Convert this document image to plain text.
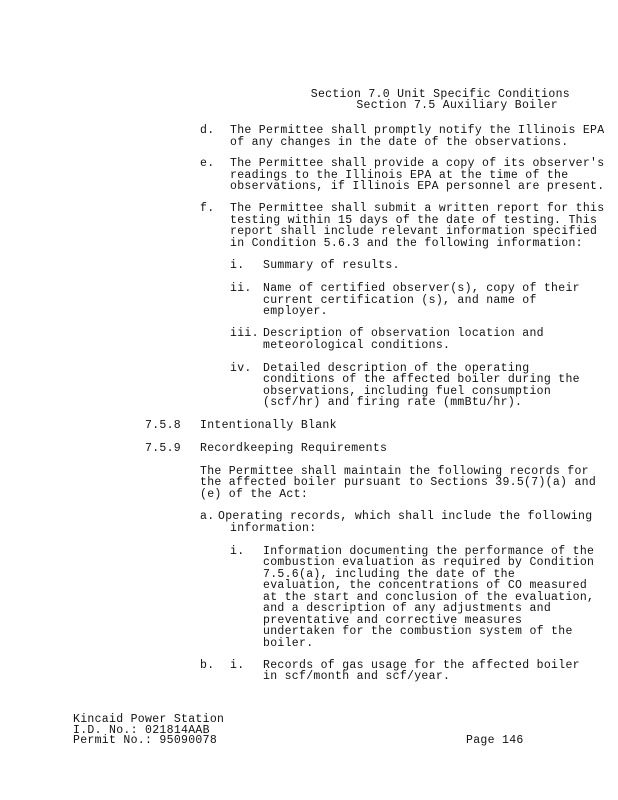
Section 7.0 Unit Specific Conditions
Section 7.5 Auxiliary Boiler
d. The Permittee shall promptly notify the Illinois EPA
of any changes in the date of the observations.
e. The Permittee shall provide a copy of its observer's
readings to the Illinois EPA at the time of the
observations, if Illinois EPA personnel are present.
f. The Permittee shall submit a written report for this
testing within 15 days of the date of testing. This
report shall include relevant information specified
in Condition 5.6.3 and the following information:
i. Summary of results.
ii. Name of certified observer(s), copy of their
current certification (s), and name of
employer.
iii. Description of observation location and
meteorological conditions.
iv. Detailed description of the operating
conditions of the affected boiler during the
observations, including fuel consumption
(scf/hr) and firing rate (mmBtu/hr).
7.5.8 Intentionally Blank
7.5.9 Recordkeeping Requirements
The Permittee shall maintain the following records for
the affected boiler pursuant to Sections 39.5(7)(a) and
(e) of the Act:
a. Operating records, which shall include the following
information:
i. Information documenting the performance of the
combustion evaluation as required by Condition
7.5.6(a), including the date of the
evaluation, the concentrations of CO measured
at the start and conclusion of the evaluation,
and a description of any adjustments and
preventative and corrective measures
undertaken for the combustion system of the
boiler.
b. i. Records of gas usage for the affected boiler
in scf/month and scf/year.
Kincaid Power Station
I.D. No.: 021814AAB
Permit No.: 95090078	Page 146
